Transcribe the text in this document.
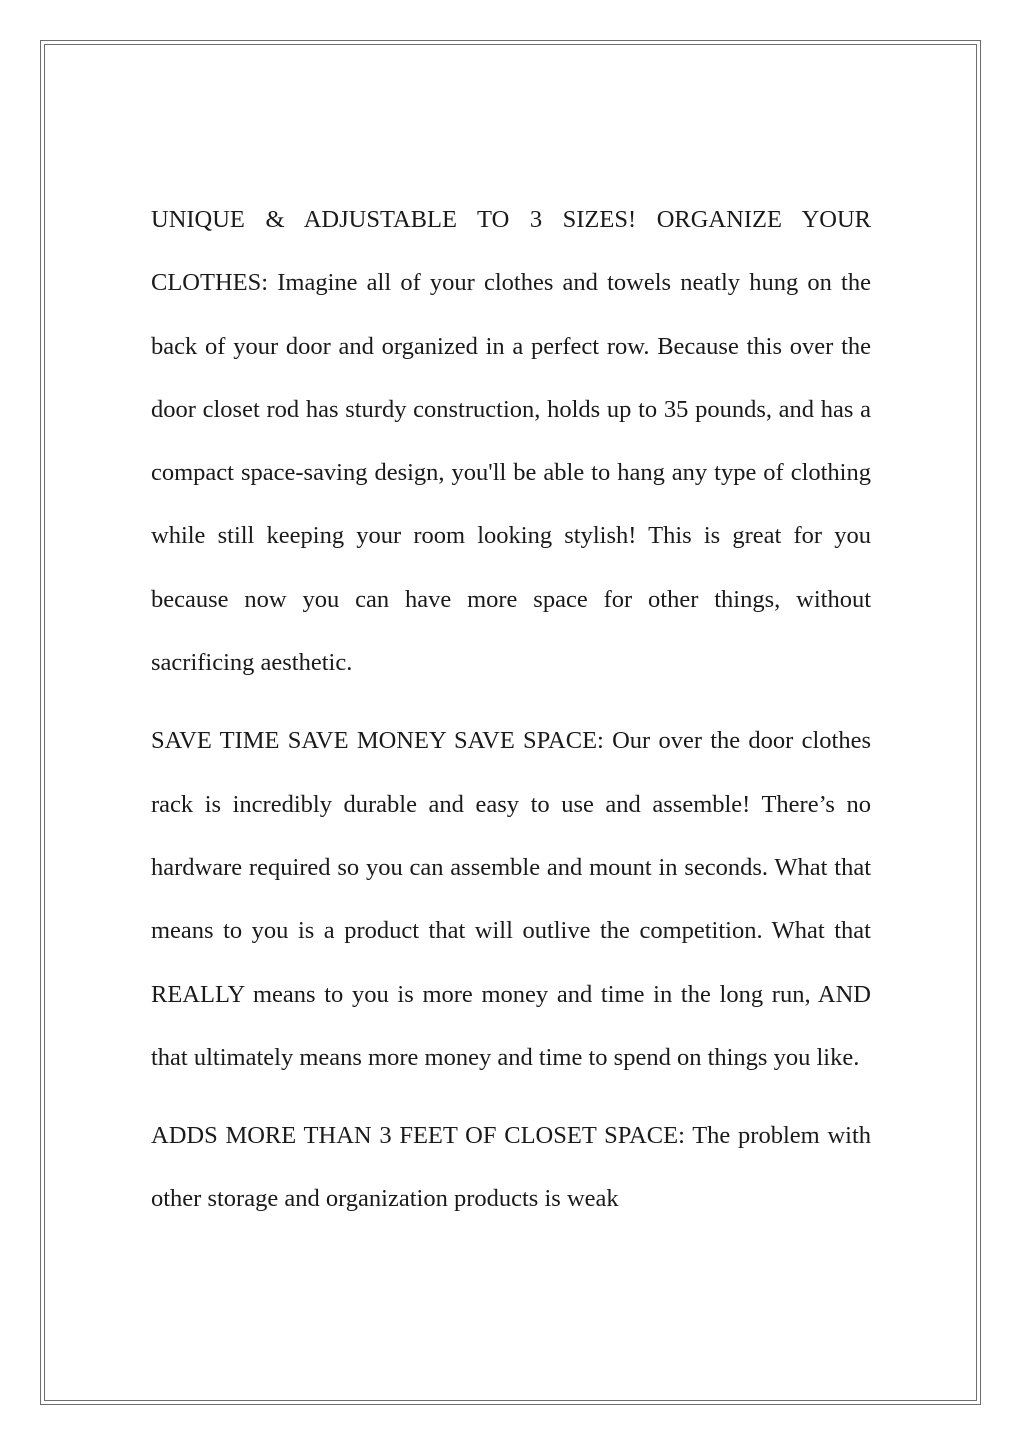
UNIQUE & ADJUSTABLE TO 3 SIZES! ORGANIZE YOUR CLOTHES: Imagine all of your clothes and towels neatly hung on the back of your door and organized in a perfect row. Because this over the door closet rod has sturdy construction, holds up to 35 pounds, and has a compact space-saving design, you'll be able to hang any type of clothing while still keeping your room looking stylish! This is great for you because now you can have more space for other things, without sacrificing aesthetic.

SAVE TIME SAVE MONEY SAVE SPACE: Our over the door clothes rack is incredibly durable and easy to use and assemble! There’s no hardware required so you can assemble and mount in seconds. What that means to you is a product that will outlive the competition. What that REALLY means to you is more money and time in the long run, AND that ultimately means more money and time to spend on things you like.

ADDS MORE THAN 3 FEET OF CLOSET SPACE: The problem with other storage and organization products is weak
